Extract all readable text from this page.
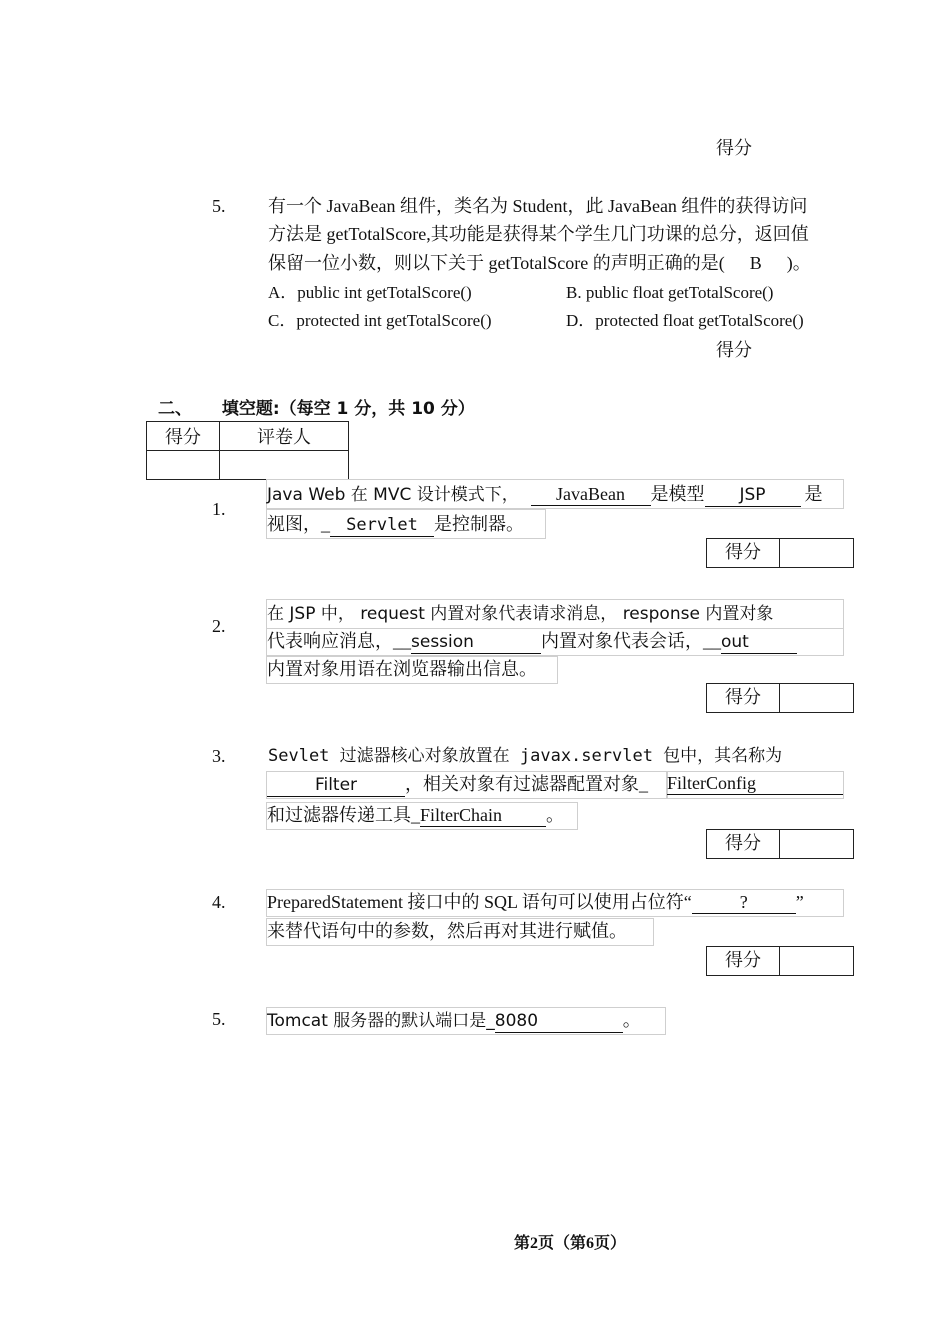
得分
5. 有一个 JavaBean 组件，类名为 Student，此 JavaBean 组件的获得访问
方法是 getTotalScore,其功能是获得某个学生几门功课的总分，返回值
保留一位小数，则以下关于 getTotalScore 的声明正确的是( B )。
A．public int getTotalScore()	B. public float getTotalScore()
C．protected int getTotalScore()	D．protected float getTotalScore()
得分
二、 填空题:（每空 1 分，共 10 分）
得分	评卷人

1.
Java Web 在 MVC 设计模式下， JavaBean 是模型 JSP 是
视图，_ Servlet 是控制器。
得分
2.
在 JSP 中， request 内置对象代表请求消息， response 内置对象
代表响应消息，__session	内置对象代表会话，__out
内置对象用语在浏览器输出信息。
得分
3.	Sevlet 过滤器核心对象放置在 javax.servlet 包中，其名称为
Filter	，相关对象有过滤器配置对象_ FilterConfig
和过滤器传递工具_FilterChain 。
得分
4. PreparedStatement 接口中的 SQL 语句可以使用占位符“	?	”
来替代语句中的参数，然后再对其进行赋值。
得分
5. Tomcat 服务器的默认端口是_8080	。
第2页（第6页）
